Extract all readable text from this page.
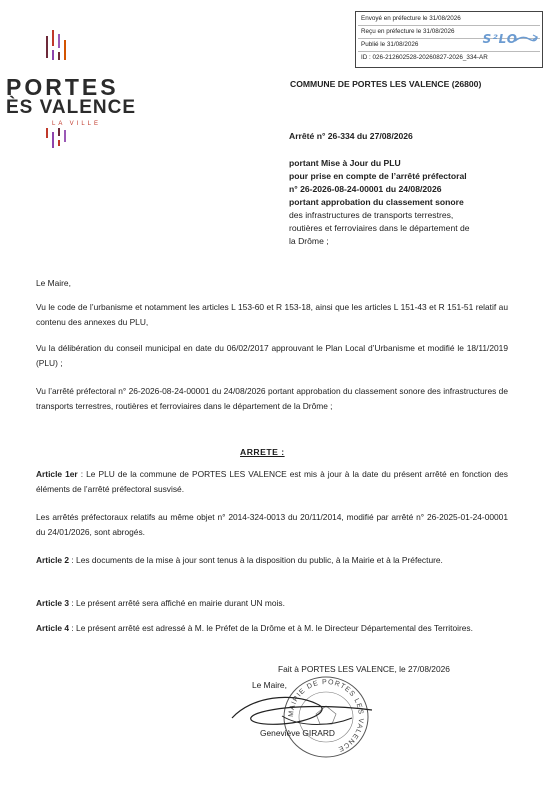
Envoyé en préfecture le 31/08/2026
Reçu en préfecture le 31/08/2026
Publié le 31/08/2026
ID : 026-212602528-20260827-2026_334-AR
S²LO
PORTES
ÈS VALENCE
LA VILLE
COMMUNE DE PORTES LES VALENCE (26800)
Arrêté n° 26-334 du 27/08/2026
portant Mise à Jour du PLU
pour prise en compte de l’arrêté préfectoral
n° 26-2026-08-24-00001 du 24/08/2026
portant approbation du classement sonore
des infrastructures de transports terrestres,
routières et ferroviaires dans le département de
la Drôme ;
Le Maire,
Vu le code de l’urbanisme et notamment les articles L 153-60 et R 153-18, ainsi que les articles L 151-43 et R 151-51 relatif au contenu des annexes du PLU,
Vu la délibération du conseil municipal en date du 06/02/2017 approuvant le Plan Local d’Urbanisme et modifié le 18/11/2019 (PLU) ;
Vu l’arrêté préfectoral n° 26-2026-08-24-00001 du 24/08/2026 portant approbation du classement sonore des infrastructures de transports terrestres, routières et ferroviaires dans le département de la Drôme ;
ARRETE :
Article 1er : Le PLU de la commune de PORTES LES VALENCE est mis à jour à la date du présent arrêté en fonction des éléments de l’arrêté préfectoral susvisé.
Les arrêtés préfectoraux relatifs au même objet n° 2014-324-0013 du 20/11/2014, modifié par arrêté n° 26-2025-01-24-00001 du 24/01/2026, sont abrogés.
Article 2 : Les documents de la mise à jour sont tenus à la disposition du public, à la Mairie et à la Préfecture.
Article 3 : Le présent arrêté sera affiché en mairie durant UN mois.
Article 4 : Le présent arrêté est adressé à M. le Préfet de la Drôme et à M. le Directeur Départemental des Territoires.
Fait à PORTES LES VALENCE, le 27/08/2026
Le Maire,
MAIRIE DE PORTES LES VALENCE
Geneviève GIRARD
